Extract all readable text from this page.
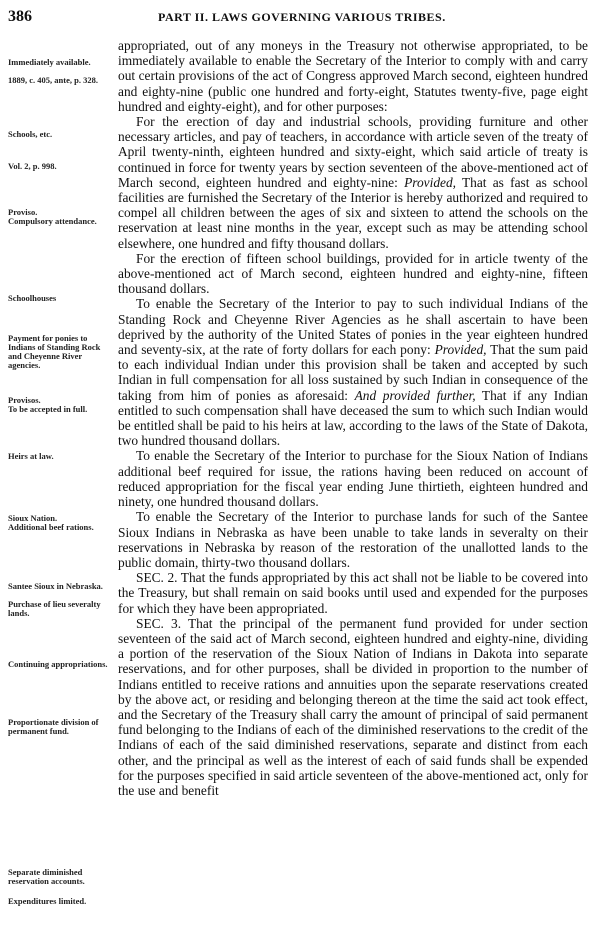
386	PART II. LAWS GOVERNING VARIOUS TRIBES.
Immediately available.
1889, c. 405, ante, p. 328.
Schools, etc.
Vol. 2, p. 998.
Proviso.
Compulsory attendance.
Schoolhouses
Payment for ponies to Indians of Standing Rock and Cheyenne River agencies.
Provisos.
To be accepted in full.
Heirs at law.
Sioux Nation.
Additional beef rations.
Santee Sioux in Nebraska.
Purchase of lieu severalty lands.
Continuing appropriations.
Proportionate division of permanent fund.
Separate diminished reservation accounts.
Expenditures limited.

appropriated, out of any moneys in the Treasury not otherwise appropriated, to be immediately available to enable the Secretary of the Interior to comply with and carry out certain provisions of the act of Congress approved March second, eighteen hundred and eighty-nine (public one hundred and forty-eight, Statutes twenty-five, page eight hundred and eighty-eight), and for other purposes:

For the erection of day and industrial schools, providing furniture and other necessary articles, and pay of teachers, in accordance with article seven of the treaty of April twenty-ninth, eighteen hundred and sixty-eight, which said article of treaty is continued in force for twenty years by section seventeen of the above-mentioned act of March second, eighteen hundred and eighty-nine: Provided, That as fast as school facilities are furnished the Secretary of the Interior is hereby authorized and required to compel all children between the ages of six and sixteen to attend the schools on the reservation at least nine months in the year, except such as may be attending school elsewhere, one hundred and fifty thousand dollars.

For the erection of fifteen school buildings, provided for in article twenty of the above-mentioned act of March second, eighteen hundred and eighty-nine, fifteen thousand dollars.

To enable the Secretary of the Interior to pay to such individual Indians of the Standing Rock and Cheyenne River Agencies as he shall ascertain to have been deprived by the authority of the United States of ponies in the year eighteen hundred and seventy-six, at the rate of forty dollars for each pony: Provided, That the sum paid to each individual Indian under this provision shall be taken and accepted by such Indian in full compensation for all loss sustained by such Indian in consequence of the taking from him of ponies as aforesaid: And provided further, That if any Indian entitled to such compensation shall have deceased the sum to which such Indian would be entitled shall be paid to his heirs at law, according to the laws of the State of Dakota, two hundred thousand dollars.

To enable the Secretary of the Interior to purchase for the Sioux Nation of Indians additional beef required for issue, the rations having been reduced on account of reduced appropriation for the fiscal year ending June thirtieth, eighteen hundred and ninety, one hundred thousand dollars.

To enable the Secretary of the Interior to purchase lands for such of the Santee Sioux Indians in Nebraska as have been unable to take lands in severalty on their reservations in Nebraska by reason of the restoration of the unallotted lands to the public domain, thirty-two thousand dollars.

SEC. 2. That the funds appropriated by this act shall not be liable to be covered into the Treasury, but shall remain on said books until used and expended for the purposes for which they have been appropriated.

SEC. 3. That the principal of the permanent fund provided for under section seventeen of the said act of March second, eighteen hundred and eighty-nine, dividing a portion of the reservation of the Sioux Nation of Indians in Dakota into separate reservations, and for other purposes, shall be divided in proportion to the number of Indians entitled to receive rations and annuities upon the separate reservations created by the above act, or residing and belonging thereon at the time the said act took effect, and the Secretary of the Treasury shall carry the amount of principal of said permanent fund belonging to the Indians of each of the diminished reservations to the credit of the Indians of each of the said diminished reservations, separate and distinct from each other, and the principal as well as the interest of each of said funds shall be expended for the purposes specified in said article seventeen of the above-mentioned act, only for the use and benefit
